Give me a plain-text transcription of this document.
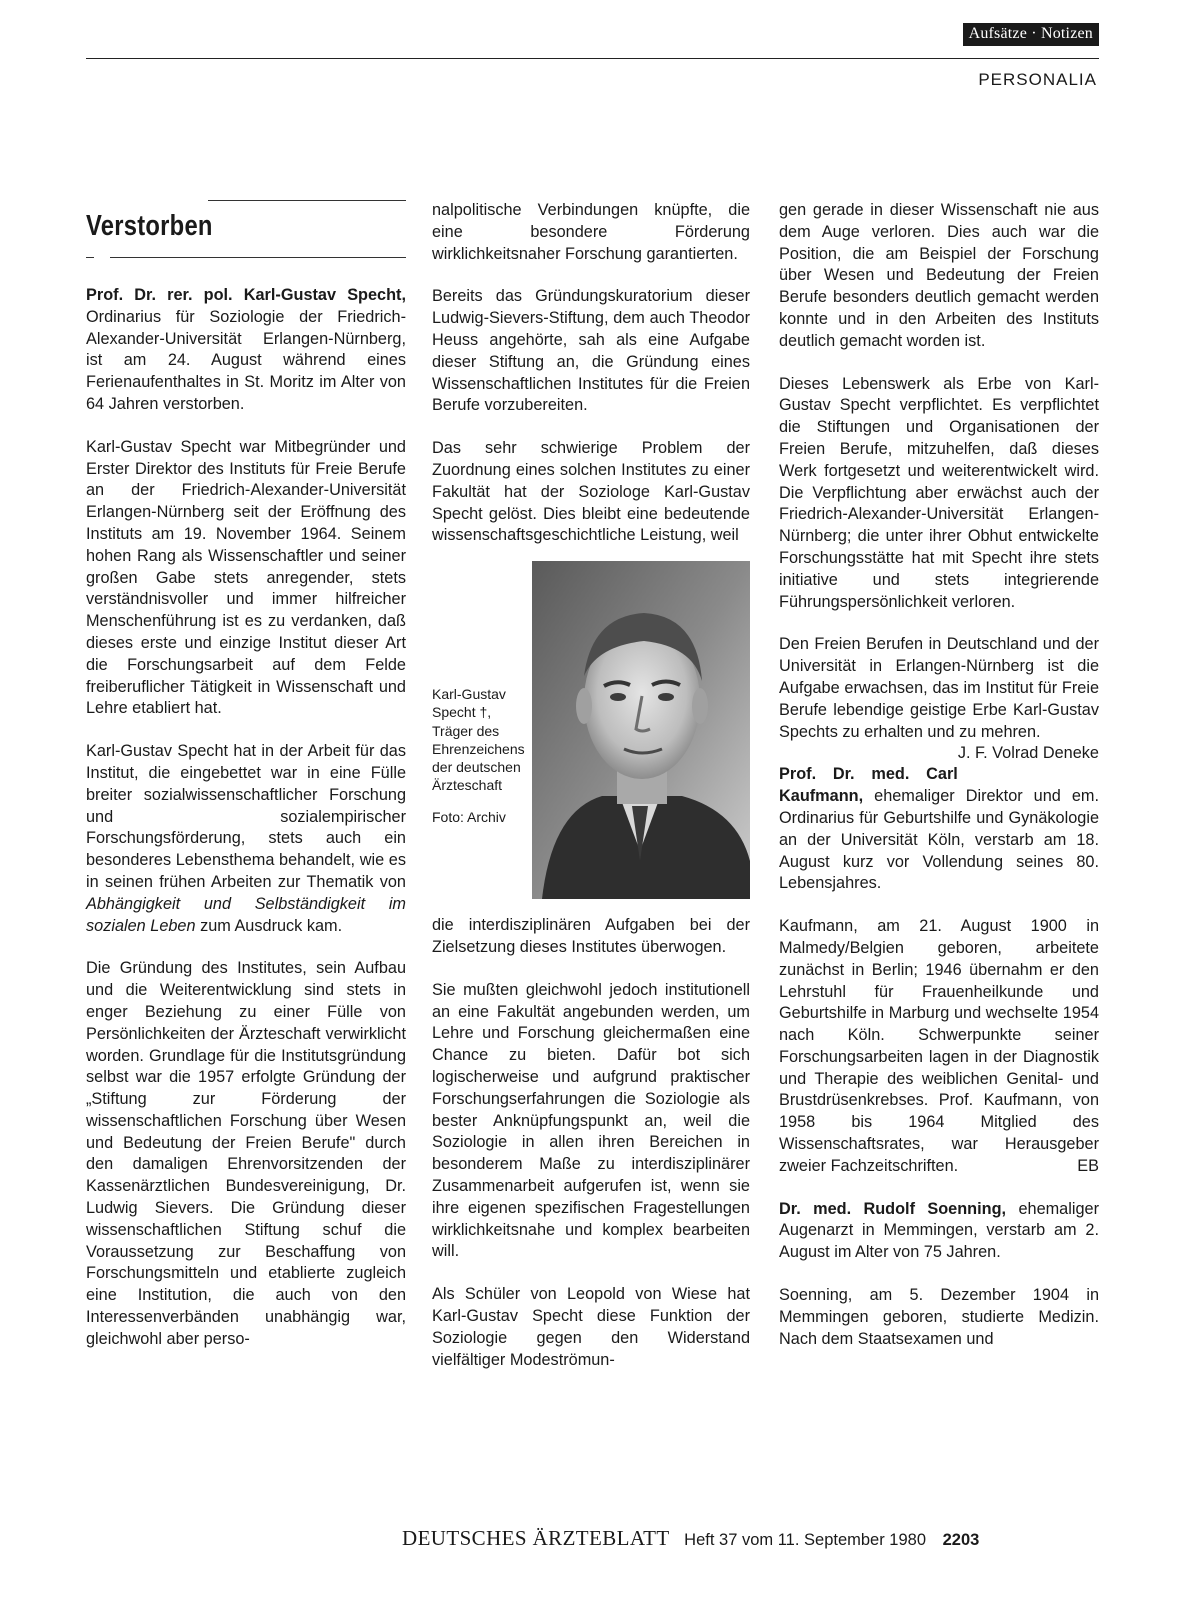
Aufsätze · Notizen
PERSONALIA
Verstorben

Prof. Dr. rer. pol. Karl-Gustav Specht, Ordinarius für Soziologie der Friedrich-Alexander-Universität Erlangen-Nürnberg, ist am 24. August während eines Ferienaufenthaltes in St. Moritz im Alter von 64 Jahren verstorben.

Karl-Gustav Specht war Mitbegründer und Erster Direktor des Instituts für Freie Berufe an der Friedrich-Alexander-Universität Erlangen-Nürnberg seit der Eröffnung des Instituts am 19. November 1964. Seinem hohen Rang als Wissenschaftler und seiner großen Gabe stets anregender, stets verständnisvoller und immer hilfreicher Menschenführung ist es zu verdanken, daß dieses erste und einzige Institut dieser Art die Forschungsarbeit auf dem Felde freiberuflicher Tätigkeit in Wissenschaft und Lehre etabliert hat.

Karl-Gustav Specht hat in der Arbeit für das Institut, die eingebettet war in eine Fülle breiter sozialwissenschaftlicher Forschung und sozialempirischer Forschungsförderung, stets auch ein besonderes Lebensthema behandelt, wie es in seinen frühen Arbeiten zur Thematik von Abhängigkeit und Selbständigkeit im sozialen Leben zum Ausdruck kam.

Die Gründung des Institutes, sein Aufbau und die Weiterentwicklung sind stets in enger Beziehung zu einer Fülle von Persönlichkeiten der Ärzteschaft verwirklicht worden. Grundlage für die Institutsgründung selbst war die 1957 erfolgte Gründung der „Stiftung zur Förderung der wissenschaftlichen Forschung über Wesen und Bedeutung der Freien Berufe" durch den damaligen Ehrenvorsitzenden der Kassenärztlichen Bundesvereinigung, Dr. Ludwig Sievers. Die Gründung dieser wissenschaftlichen Stiftung schuf die Voraussetzung zur Beschaffung von Forschungsmitteln und etablierte zugleich eine Institution, die auch von den Interessenverbänden unabhängig war, gleichwohl aber perso-

nalpolitische Verbindungen knüpfte, die eine besondere Förderung wirklichkeitsnaher Forschung garantierten.

Bereits das Gründungskuratorium dieser Ludwig-Sievers-Stiftung, dem auch Theodor Heuss angehörte, sah als eine Aufgabe dieser Stiftung an, die Gründung eines Wissenschaftlichen Institutes für die Freien Berufe vorzubereiten.

Das sehr schwierige Problem der Zuordnung eines solchen Institutes zu einer Fakultät hat der Soziologe Karl-Gustav Specht gelöst. Dies bleibt eine bedeutende wissenschaftsgeschichtliche Leistung, weil

Karl-Gustav Specht †, Träger des Ehrenzeichens der deutschen Ärzteschaft
Foto: Archiv

die interdisziplinären Aufgaben bei der Zielsetzung dieses Institutes überwogen.

Sie mußten gleichwohl jedoch institutionell an eine Fakultät angebunden werden, um Lehre und Forschung gleichermaßen eine Chance zu bieten. Dafür bot sich logischerweise und aufgrund praktischer Forschungserfahrungen die Soziologie als bester Anknüpfungspunkt an, weil die Soziologie in allen ihren Bereichen in besonderem Maße zu interdisziplinärer Zusammenarbeit aufgerufen ist, wenn sie ihre eigenen spezifischen Fragestellungen wirklichkeitsnahe und komplex bearbeiten will.

Als Schüler von Leopold von Wiese hat Karl-Gustav Specht diese Funktion der Soziologie gegen den Widerstand vielfältiger Modeströmun-

gen gerade in dieser Wissenschaft nie aus dem Auge verloren. Dies auch war die Position, die am Beispiel der Forschung über Wesen und Bedeutung der Freien Berufe besonders deutlich gemacht werden konnte und in den Arbeiten des Instituts deutlich gemacht worden ist.

Dieses Lebenswerk als Erbe von Karl-Gustav Specht verpflichtet. Es verpflichtet die Stiftungen und Organisationen der Freien Berufe, mitzuhelfen, daß dieses Werk fortgesetzt und weiterentwickelt wird. Die Verpflichtung aber erwächst auch der Friedrich-Alexander-Universität Erlangen-Nürnberg; die unter ihrer Obhut entwickelte Forschungsstätte hat mit Specht ihre stets initiative und stets integrierende Führungspersönlichkeit verloren.

Den Freien Berufen in Deutschland und der Universität in Erlangen-Nürnberg ist die Aufgabe erwachsen, das im Institut für Freie Berufe lebendige geistige Erbe Karl-Gustav Spechts zu erhalten und zu mehren.
J. F. Volrad Deneke

Prof. Dr. med. Carl Kaufmann, ehemaliger Direktor und em. Ordinarius für Geburtshilfe und Gynäkologie an der Universität Köln, verstarb am 18. August kurz vor Vollendung seines 80. Lebensjahres.

Kaufmann, am 21. August 1900 in Malmedy/Belgien geboren, arbeitete zunächst in Berlin; 1946 übernahm er den Lehrstuhl für Frauenheilkunde und Geburtshilfe in Marburg und wechselte 1954 nach Köln. Schwerpunkte seiner Forschungsarbeiten lagen in der Diagnostik und Therapie des weiblichen Genital- und Brustdrüsenkrebses. Prof. Kaufmann, von 1958 bis 1964 Mitglied des Wissenschaftsrates, war Herausgeber zweier Fachzeitschriften.	EB

Dr. med. Rudolf Soenning, ehemaliger Augenarzt in Memmingen, verstarb am 2. August im Alter von 75 Jahren.

Soenning, am 5. Dezember 1904 in Memmingen geboren, studierte Medizin. Nach dem Staatsexamen und

DEUTSCHES ÄRZTEBLATT Heft 37 vom 11. September 1980 2203
